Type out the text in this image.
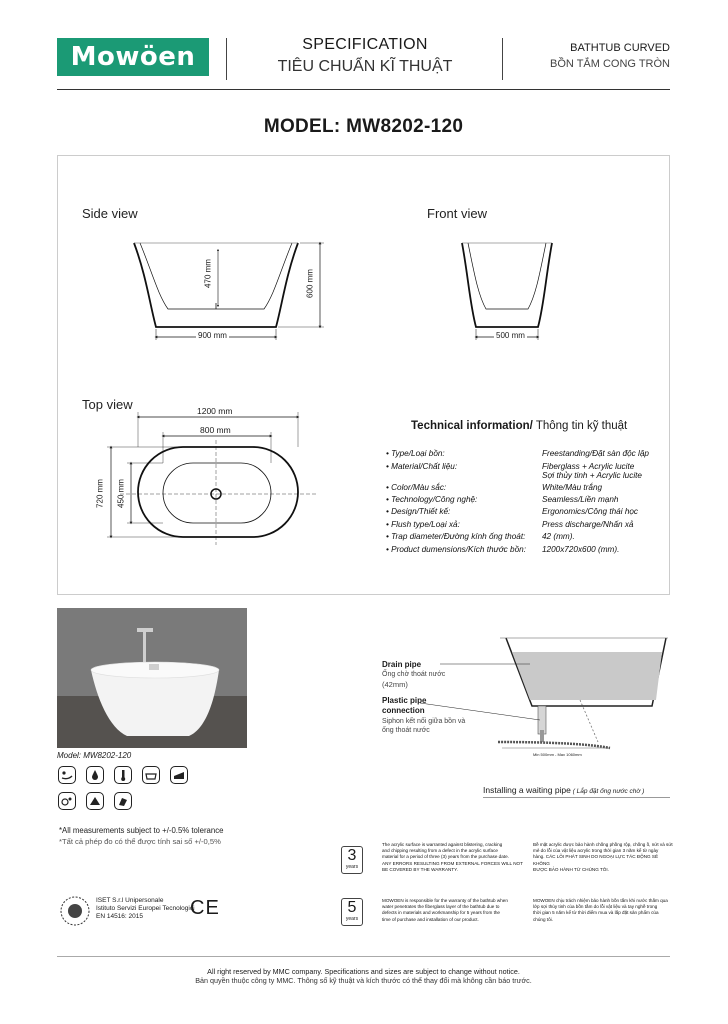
Mowöen	SPECIFICATION
TIÊU CHUẨN KĨ THUẬT
BATHTUB CURVED
BỒN TẮM CONG TRÒN
MODEL: MW8202-120
Side view	Front view
Top view
900 mm
470 mm	600 mm
500 mm
1200 mm
800 mm
720 mm 450 mm
Technical information/ Thông tin kỹ thuật
• Type/Loại bồn:	Freestanding/Đặt sàn độc lập
• Material/Chất liệu:	Fiberglass + Acrylic lucite
Sợi thủy tinh + Acrylic lucite
• Color/Màu sắc:	White/Màu trắng
• Technology/Công nghệ:	Seamless/Liền mạnh
• Design/Thiết kế:	Ergonomics/Công thái học
• Flush type/Loại xả:	Press discharge/Nhấn xả
• Trap diameter/Đường kính ống thoát: 42 (mm).
• Product dumensions/Kích thước bồn: 1200x720x600 (mm).
Model: MW8202-120
Drain pipe
Ống chờ thoát nước
(42mm)
Plastic pipe
connection
Siphon kết nối giữa bồn và
ống thoát nước
Min 500mm - Max 1060mm
Installing a waiting pipe ( Lắp đặt ống nước chờ )
*All measurements subject to +/-0.5% tolerance
*Tất cả phép đo có thể được tính sai số +/-0,5%
3
years
The acrylic surface is warranted against blistering, cracking
and chipping resulting from a defect in the acrylic surface
material for a period of three (3) years from the purchase date.
ANY ERRORS RESULTING FROM EXTERNAL FORCES WILL NOT
BE COVERED BY THE WARRANTY.
Bề mặt acrylic được bảo hành chống phồng rộp, chống ồ, nứt và sứt
mẻ do lỗi của vật liệu acrylic trong thời gian 3 năm kể từ ngày
hàng. CÁC LỖI PHÁT SINH DO NGOẠI LỰC TÁC ĐỘNG SẼ KHÔNG
ĐƯỢC BẢO HÀNH TỪ CHÚNG TÔI.
5
years
MOWOEN is responsible for the warranty of the bathtub when
water penetrates the fiberglass layer of the bathtub due to
defects in materials and workmanship for 5 years from the
time of purchase and installation of our product.
MOWOEN chịu trách nhiệm bảo hành bồn tắm khi nước thấm qua
lớp sợi thủy tinh của bồn tắm do lỗi vật liệu và tay nghề trong
thời gian 5 năm kể từ thời điểm mua và lắp đặt sản phẩm của
chúng tôi.
ISET S.r.l Unipersonale
Istituto Servizi Europei Tecnologici
EN 14516: 2015 CE
All right reserved by MMC company. Specifications and sizes are subject to change without notice.
Bản quyền thuộc công ty MMC. Thông số kỹ thuật và kích thước có thể thay đổi mà không cần báo trước.
